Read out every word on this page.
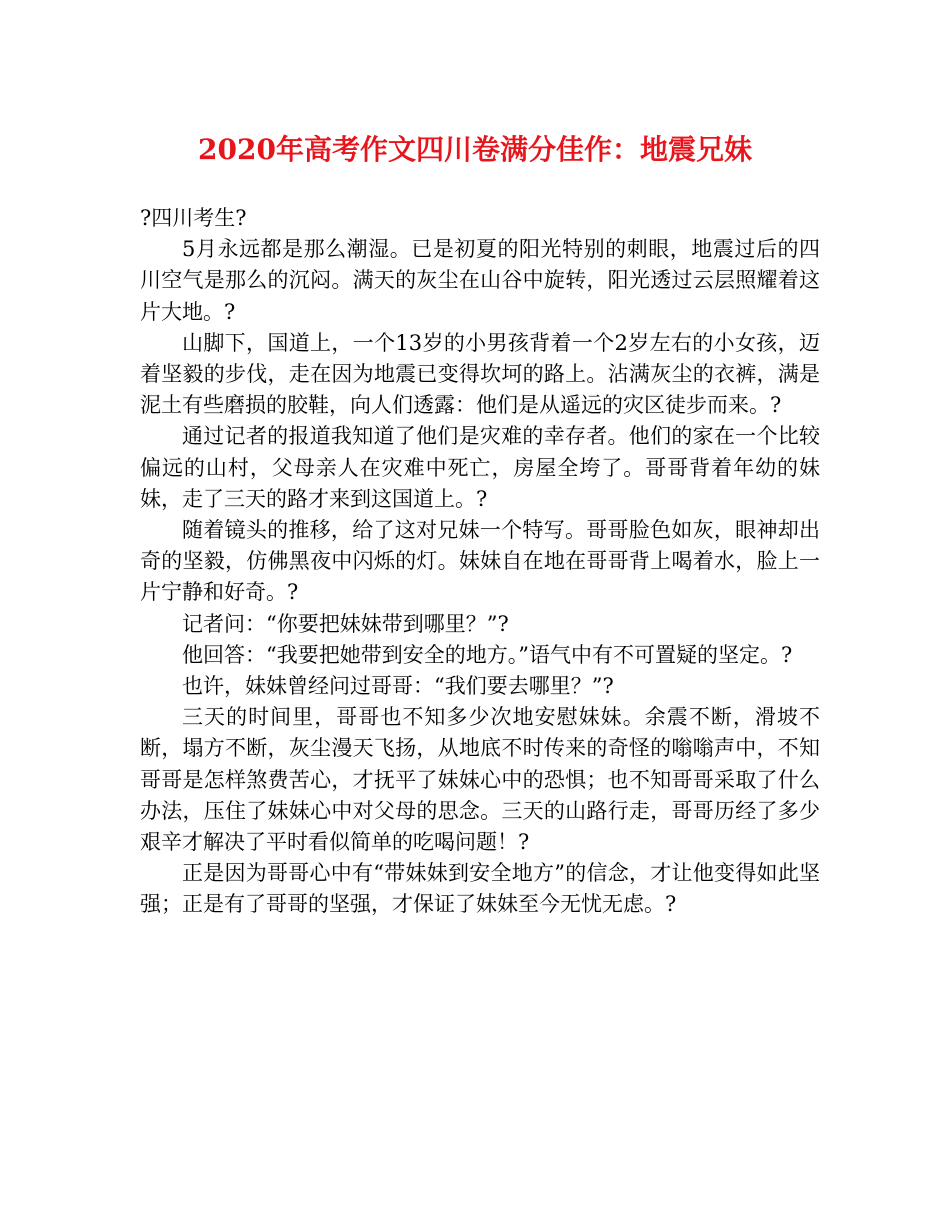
2020年高考作文四川卷满分佳作：地震兄妹

?四川考生?

5月永远都是那么潮湿。已是初夏的阳光特别的刺眼，地震过后的四川空气是那么的沉闷。满天的灰尘在山谷中旋转，阳光透过云层照耀着这片大地。?

山脚下，国道上，一个13岁的小男孩背着一个2岁左右的小女孩，迈着坚毅的步伐，走在因为地震已变得坎坷的路上。沾满灰尘的衣裤，满是泥土有些磨损的胶鞋，向人们透露：他们是从遥远的灾区徒步而来。?

通过记者的报道我知道了他们是灾难的幸存者。他们的家在一个比较偏远的山村，父母亲人在灾难中死亡，房屋全垮了。哥哥背着年幼的妹妹，走了三天的路才来到这国道上。?

随着镜头的推移，给了这对兄妹一个特写。哥哥脸色如灰，眼神却出奇的坚毅，仿佛黑夜中闪烁的灯。妹妹自在地在哥哥背上喝着水，脸上一片宁静和好奇。?

记者问：“你要把妹妹带到哪里？”?

他回答：“我要把她带到安全的地方。”语气中有不可置疑的坚定。?

也许，妹妹曾经问过哥哥：“我们要去哪里？”?

三天的时间里，哥哥也不知多少次地安慰妹妹。余震不断，滑坡不断，塌方不断，灰尘漫天飞扬，从地底不时传来的奇怪的嗡嗡声中，不知哥哥是怎样煞费苦心，才抚平了妹妹心中的恐惧；也不知哥哥采取了什么办法，压住了妹妹心中对父母的思念。三天的山路行走，哥哥历经了多少艰辛才解决了平时看似简单的吃喝问题！?

正是因为哥哥心中有“带妹妹到安全地方”的信念，才让他变得如此坚强；正是有了哥哥的坚强，才保证了妹妹至今无忧无虑。?
